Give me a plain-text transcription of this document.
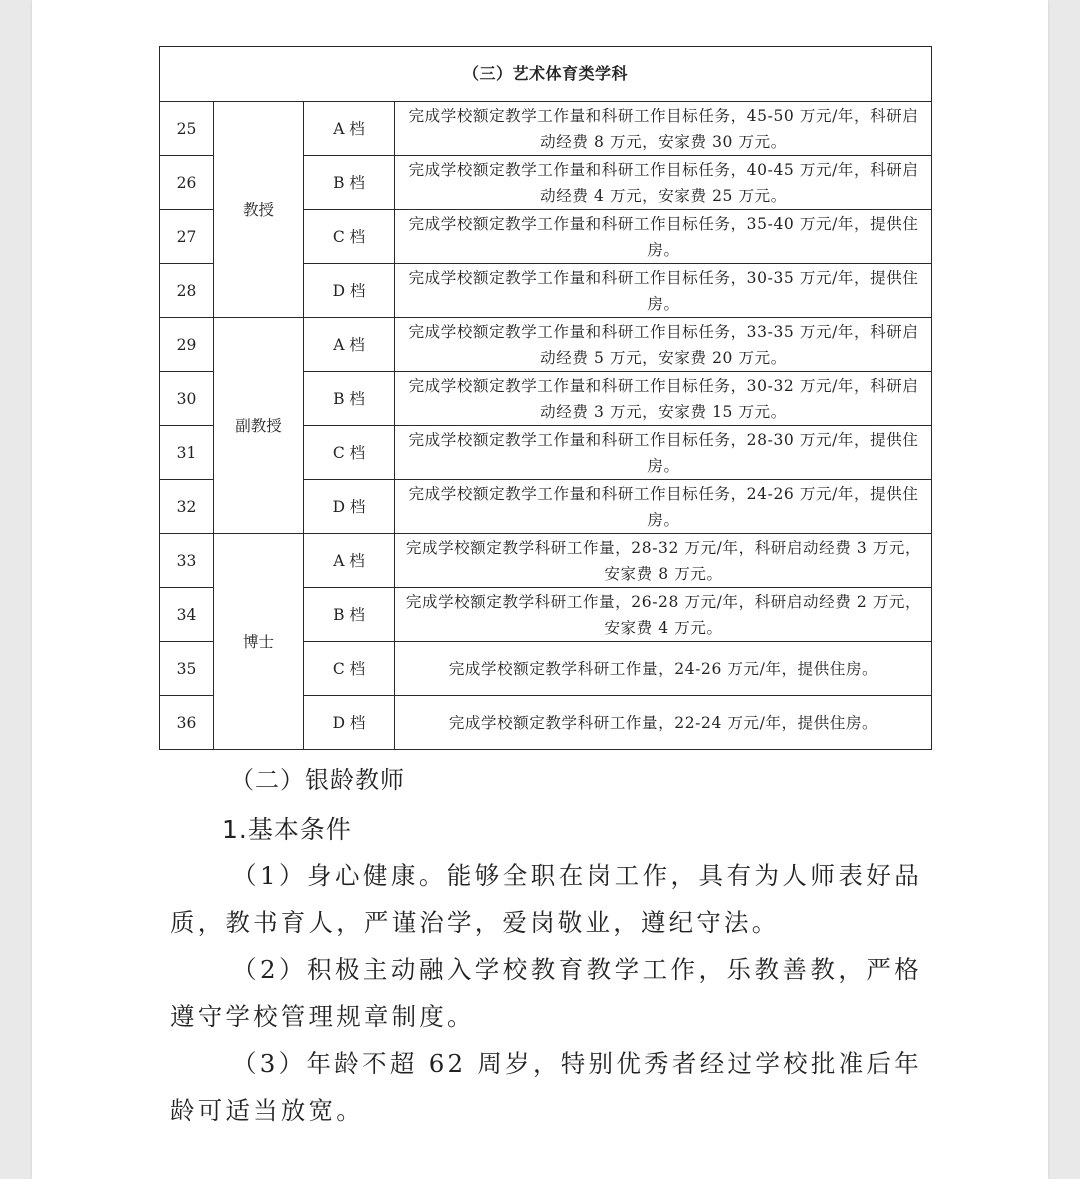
（三）艺术体育类学科			
25	教授	A 档	完成学校额定教学工作量和科研工作目标任务，45-50 万元/年，科研启动经费 8 万元，安家费 30 万元。
26		B 档	完成学校额定教学工作量和科研工作目标任务，40-45 万元/年，科研启动经费 4 万元，安家费 25 万元。
27		C 档	完成学校额定教学工作量和科研工作目标任务，35-40 万元/年，提供住房。
28		D 档	完成学校额定教学工作量和科研工作目标任务，30-35 万元/年，提供住房。
29	副教授	A 档	完成学校额定教学工作量和科研工作目标任务，33-35 万元/年，科研启动经费 5 万元，安家费 20 万元。
30		B 档	完成学校额定教学工作量和科研工作目标任务，30-32 万元/年，科研启动经费 3 万元，安家费 15 万元。
31		C 档	完成学校额定教学工作量和科研工作目标任务，28-30 万元/年，提供住房。
32		D 档	完成学校额定教学工作量和科研工作目标任务，24-26 万元/年，提供住房。
33	博士	A 档	完成学校额定教学科研工作量，28-32 万元/年，科研启动经费 3 万元，安家费 8 万元。
34		B 档	完成学校额定教学科研工作量，26-28 万元/年，科研启动经费 2 万元，安家费 4 万元。
35		C 档	完成学校额定教学科研工作量，24-26 万元/年，提供住房。
36		D 档	完成学校额定教学科研工作量，22-24 万元/年，提供住房。
（二）银龄教师
1.基本条件
（1）身心健康。能够全职在岗工作，具有为人师表好品质，教书育人，严谨治学，爱岗敬业，遵纪守法。
（2）积极主动融入学校教育教学工作，乐教善教，严格遵守学校管理规章制度。
（3）年龄不超 62 周岁，特别优秀者经过学校批准后年龄可适当放宽。
